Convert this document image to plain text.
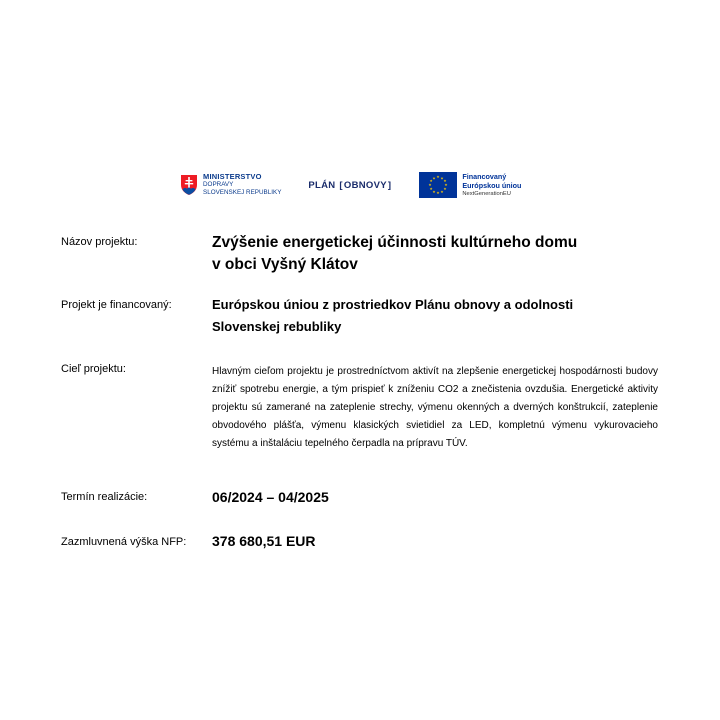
MINISTERSTVO
DOPRAVY
SLOVENSKEJ REPUBLIKY
PLÁN [ OBNOVY ]
★ ★
★
★
★
★
★
★
★
★
★
★	Financovaný
Európskou úniou
NextGenerationEU
Názov projektu:	Zvýšenie energetickej účinnosti kultúrneho domu
v obci Vyšný Klátov
Projekt je financovaný:	Európskou úniou z prostriedkov Plánu obnovy a odolnosti
Slovenskej rebubliky
Cieľ projektu:	Hlavným cieľom projektu je prostredníctvom aktivít na zlepšenie energetickej hospodárnosti budovy znížiť spotrebu energie, a tým prispieť k zníženiu CO2 a znečistenia ovzdušia. Energetické aktivity projektu sú zamerané na zateplenie strechy, výmenu okenných a dverných konštrukcií, zateplenie obvodového plášťa, výmenu klasických svietidiel za LED, kompletnú výmenu vykurovacieho systému a inštaláciu tepelného čerpadla na prípravu TÚV.
Termín realizácie:	06/2024 – 04/2025
Zazmluvnená výška NFP:	378 680,51 EUR
